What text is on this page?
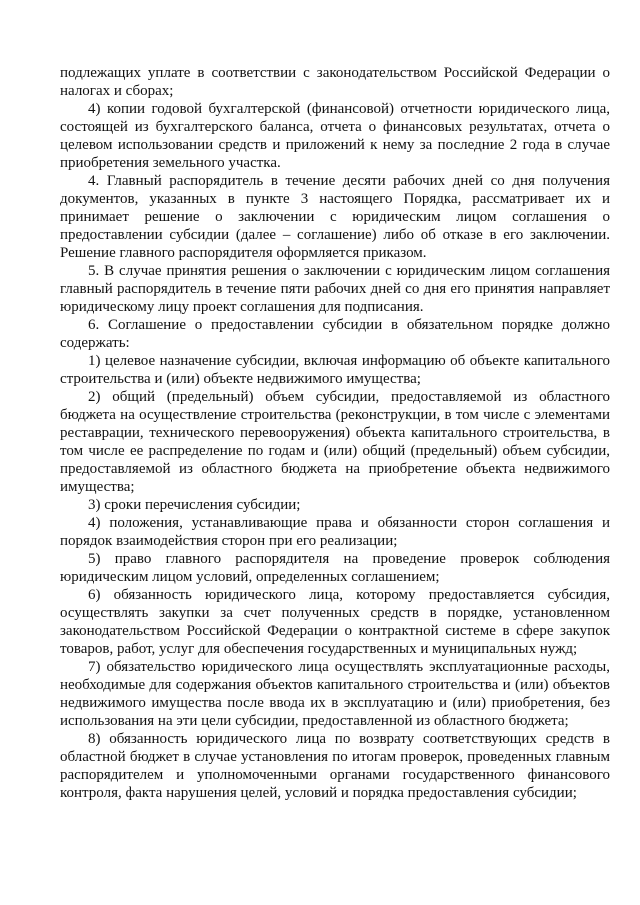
подлежащих уплате в соответствии с законодательством Российской Федерации о налогах и сборах;

4) копии годовой бухгалтерской (финансовой) отчетности юридического лица, состоящей из бухгалтерского баланса, отчета о финансовых результатах, отчета о целевом использовании средств и приложений к нему за последние 2 года в случае приобретения земельного участка.

4. Главный распорядитель в течение десяти рабочих дней со дня получения документов, указанных в пункте 3 настоящего Порядка, рассматривает их и принимает решение о заключении с юридическим лицом соглашения о предоставлении субсидии (далее – соглашение) либо об отказе в его заключении. Решение главного распорядителя оформляется приказом.

5. В случае принятия решения о заключении с юридическим лицом соглашения главный распорядитель в течение пяти рабочих дней со дня его принятия направляет юридическому лицу проект соглашения для подписания.

6. Соглашение о предоставлении субсидии в обязательном порядке должно содержать:

1) целевое назначение субсидии, включая информацию об объекте капитального строительства и (или) объекте недвижимого имущества;

2) общий (предельный) объем субсидии, предоставляемой из областного бюджета на осуществление строительства (реконструкции, в том числе с элементами реставрации, технического перевооружения) объекта капитального строительства, в том числе ее распределение по годам и (или) общий (предельный) объем субсидии, предоставляемой из областного бюджета на приобретение объекта недвижимого имущества;

3) сроки перечисления субсидии;

4) положения, устанавливающие права и обязанности сторон соглашения и порядок взаимодействия сторон при его реализации;

5) право главного распорядителя на проведение проверок соблюдения юридическим лицом условий, определенных соглашением;

6) обязанность юридического лица, которому предоставляется субсидия, осуществлять закупки за счет полученных средств в порядке, установленном законодательством Российской Федерации о контрактной системе в сфере закупок товаров, работ, услуг для обеспечения государственных и муниципальных нужд;

7) обязательство юридического лица осуществлять эксплуатационные расходы, необходимые для содержания объектов капитального строительства и (или) объектов недвижимого имущества после ввода их в эксплуатацию и (или) приобретения, без использования на эти цели субсидии, предоставленной из областного бюджета;

8) обязанность юридического лица по возврату соответствующих средств в областной бюджет в случае установления по итогам проверок, проведенных главным распорядителем и уполномоченными органами государственного финансового контроля, факта нарушения целей, условий и порядка предоставления субсидии;
